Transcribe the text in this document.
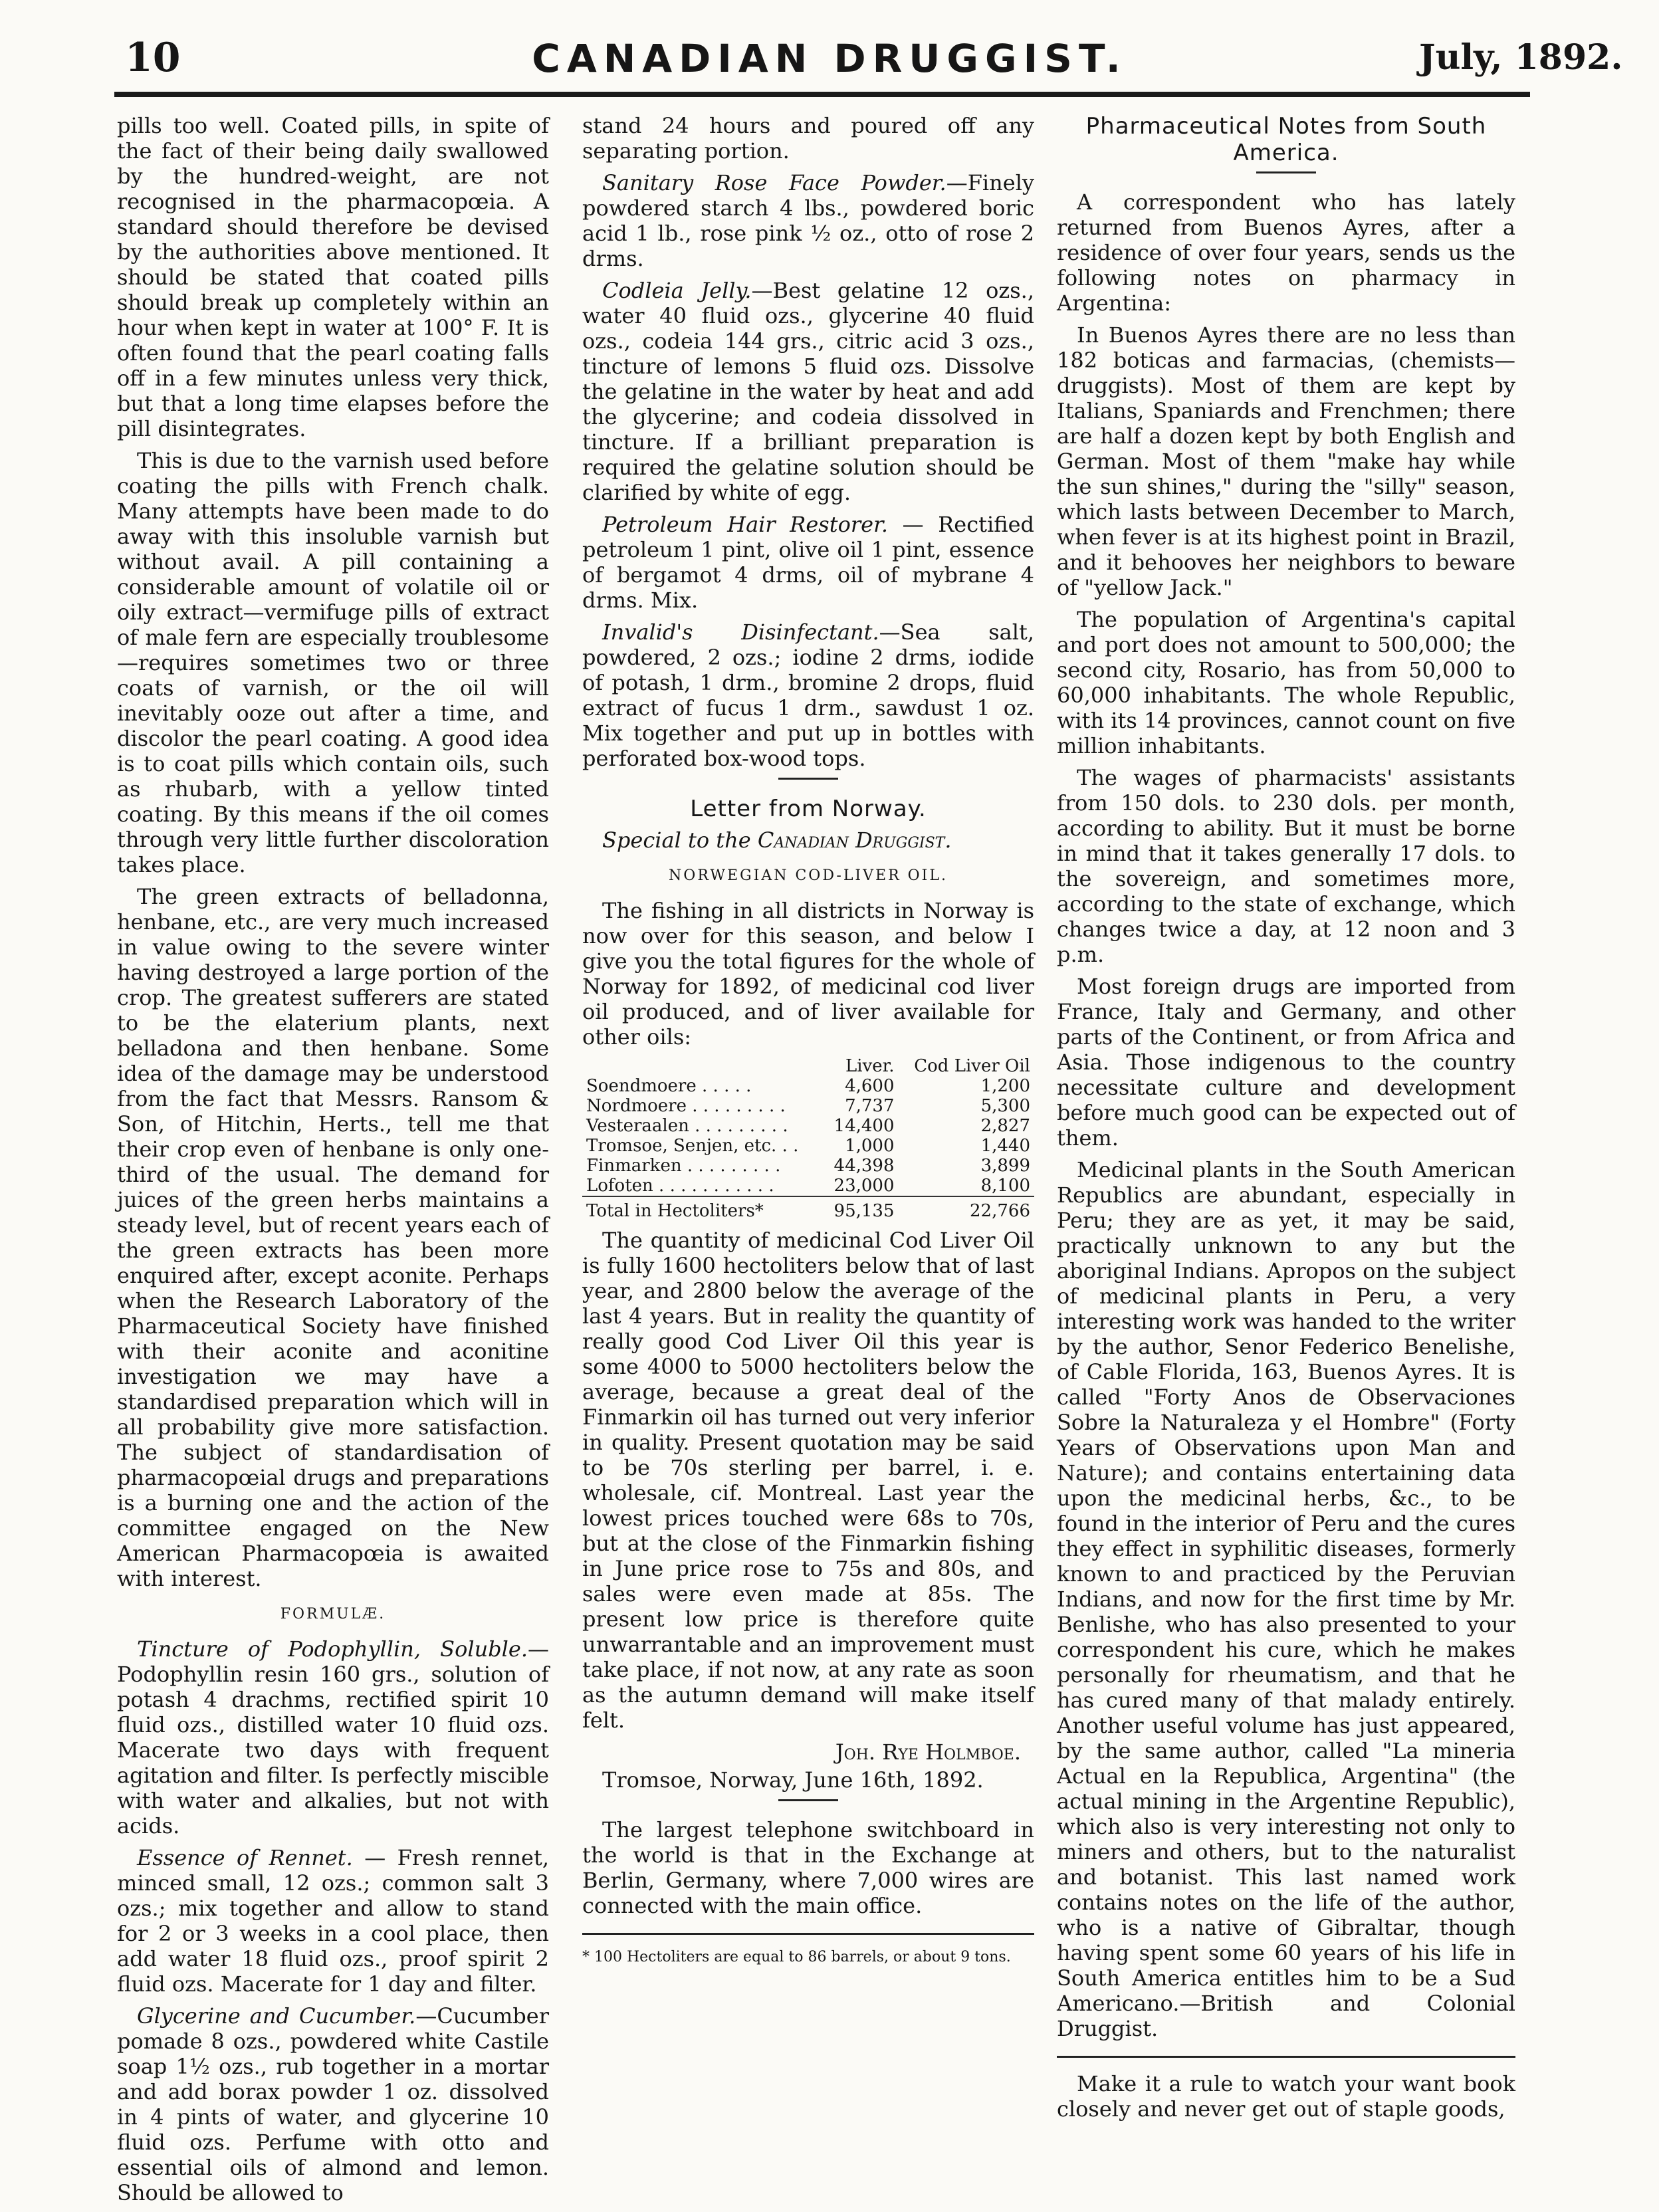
10	CANADIAN DRUGGIST.	July, 1892.

pills too well. Coated pills, in spite of the fact of their being daily swallowed by the hundred-weight, are not recognised in the pharmacopœia. A standard should therefore be devised by the authorities above mentioned. It should be stated that coated pills should break up completely within an hour when kept in water at 100° F. It is often found that the pearl coating falls off in a few minutes unless very thick, but that a long time elapses before the pill disintegrates.

This is due to the varnish used before coating the pills with French chalk. Many attempts have been made to do away with this insoluble varnish but without avail. A pill containing a considerable amount of volatile oil or oily extract—vermifuge pills of extract of male fern are especially troublesome—requires sometimes two or three coats of varnish, or the oil will inevitably ooze out after a time, and discolor the pearl coating. A good idea is to coat pills which contain oils, such as rhubarb, with a yellow tinted coating. By this means if the oil comes through very little further discoloration takes place.

The green extracts of belladonna, henbane, etc., are very much increased in value owing to the severe winter having destroyed a large portion of the crop. The greatest sufferers are stated to be the elaterium plants, next belladona and then henbane. Some idea of the damage may be understood from the fact that Messrs. Ransom & Son, of Hitchin, Herts., tell me that their crop even of henbane is only one-third of the usual. The demand for juices of the green herbs maintains a steady level, but of recent years each of the green extracts has been more enquired after, except aconite. Perhaps when the Research Laboratory of the Pharmaceutical Society have finished with their aconite and aconitine investigation we may have a standardised preparation which will in all probability give more satisfaction. The subject of standardisation of pharmacopœial drugs and preparations is a burning one and the action of the committee engaged on the New American Pharmacopœia is awaited with interest.

FORMULÆ.

Tincture of Podophyllin, Soluble.—Podophyllin resin 160 grs., solution of potash 4 drachms, rectified spirit 10 fluid ozs., distilled water 10 fluid ozs. Macerate two days with frequent agitation and filter. Is perfectly miscible with water and alkalies, but not with acids.

Essence of Rennet. — Fresh rennet, minced small, 12 ozs.; common salt 3 ozs.; mix together and allow to stand for 2 or 3 weeks in a cool place, then add water 18 fluid ozs., proof spirit 2 fluid ozs. Macerate for 1 day and filter.

Glycerine and Cucumber.—Cucumber pomade 8 ozs., powdered white Castile soap 1½ ozs., rub together in a mortar and add borax powder 1 oz. dissolved in 4 pints of water, and glycerine 10 fluid ozs. Perfume with otto and essential oils of almond and lemon. Should be allowed to

stand 24 hours and poured off any separating portion.

Sanitary Rose Face Powder.—Finely powdered starch 4 lbs., powdered boric acid 1 lb., rose pink ½ oz., otto of rose 2 drms.

Codleia Jelly.—Best gelatine 12 ozs., water 40 fluid ozs., glycerine 40 fluid ozs., codeia 144 grs., citric acid 3 ozs., tincture of lemons 5 fluid ozs. Dissolve the gelatine in the water by heat and add the glycerine; and codeia dissolved in tincture. If a brilliant preparation is required the gelatine solution should be clarified by white of egg.

Petroleum Hair Restorer. — Rectified petroleum 1 pint, olive oil 1 pint, essence of bergamot 4 drms, oil of mybrane 4 drms. Mix.

Invalid's Disinfectant.—Sea salt, powdered, 2 ozs.; iodine 2 drms, iodide of potash, 1 drm., bromine 2 drops, fluid extract of fucus 1 drm., sawdust 1 oz. Mix together and put up in bottles with perforated box-wood tops.

Letter from Norway.
Special to the Canadian Druggist.
NORWEGIAN COD-LIVER OIL.

The fishing in all districts in Norway is now over for this season, and below I give you the total figures for the whole of Norway for 1892, of medicinal cod liver oil produced, and of liver available for other oils:

	Liver.	Cod Liver Oil
Soendmoere . . . . .	4,600	1,200
Nordmoere . . . . . . . . .	7,737	5,300
Vesteraalen . . . . . . . . .	14,400	2,827
Tromsoe, Senjen, etc. . .	1,000	1,440
Finmarken . . . . . . . . .	44,398	3,899
Lofoten . . . . . . . . . . .	23,000	8,100
Total in Hectoliters*	95,135	22,766

The quantity of medicinal Cod Liver Oil is fully 1600 hectoliters below that of last year, and 2800 below the average of the last 4 years. But in reality the quantity of really good Cod Liver Oil this year is some 4000 to 5000 hectoliters below the average, because a great deal of the Finmarkin oil has turned out very inferior in quality. Present quotation may be said to be 70s sterling per barrel, i. e. wholesale, cif. Montreal. Last year the lowest prices touched were 68s to 70s, but at the close of the Finmarkin fishing in June price rose to 75s and 80s, and sales were even made at 85s. The present low price is therefore quite unwarrantable and an improvement must take place, if not now, at any rate as soon as the autumn demand will make itself felt.

Joh. Rye Holmboe.

Tromsoe, Norway, June 16th, 1892.

The largest telephone switchboard in the world is that in the Exchange at Berlin, Germany, where 7,000 wires are connected with the main office.

* 100 Hectoliters are equal to 86 barrels, or about 9 tons.

Pharmaceutical Notes from South America.

A correspondent who has lately returned from Buenos Ayres, after a residence of over four years, sends us the following notes on pharmacy in Argentina:

In Buenos Ayres there are no less than 182 boticas and farmacias, (chemists—druggists). Most of them are kept by Italians, Spaniards and Frenchmen; there are half a dozen kept by both English and German. Most of them "make hay while the sun shines," during the "silly" season, which lasts between December to March, when fever is at its highest point in Brazil, and it behooves her neighbors to beware of "yellow Jack."

The population of Argentina's capital and port does not amount to 500,000; the second city, Rosario, has from 50,000 to 60,000 inhabitants. The whole Republic, with its 14 provinces, cannot count on five million inhabitants.

The wages of pharmacists' assistants from 150 dols. to 230 dols. per month, according to ability. But it must be borne in mind that it takes generally 17 dols. to the sovereign, and sometimes more, according to the state of exchange, which changes twice a day, at 12 noon and 3 p.m.

Most foreign drugs are imported from France, Italy and Germany, and other parts of the Continent, or from Africa and Asia. Those indigenous to the country necessitate culture and development before much good can be expected out of them.

Medicinal plants in the South American Republics are abundant, especially in Peru; they are as yet, it may be said, practically unknown to any but the aboriginal Indians. Apropos on the subject of medicinal plants in Peru, a very interesting work was handed to the writer by the author, Senor Federico Benelishe, of Cable Florida, 163, Buenos Ayres. It is called "Forty Anos de Observaciones Sobre la Naturaleza y el Hombre" (Forty Years of Observations upon Man and Nature); and contains entertaining data upon the medicinal herbs, &c., to be found in the interior of Peru and the cures they effect in syphilitic diseases, formerly known to and practiced by the Peruvian Indians, and now for the first time by Mr. Benlishe, who has also presented to your correspondent his cure, which he makes personally for rheumatism, and that he has cured many of that malady entirely. Another useful volume has just appeared, by the same author, called "La mineria Actual en la Republica, Argentina" (the actual mining in the Argentine Republic), which also is very interesting not only to miners and others, but to the naturalist and botanist. This last named work contains notes on the life of the author, who is a native of Gibraltar, though having spent some 60 years of his life in South America entitles him to be a Sud Americano.—British and Colonial Druggist.

Make it a rule to watch your want book closely and never get out of staple goods,
